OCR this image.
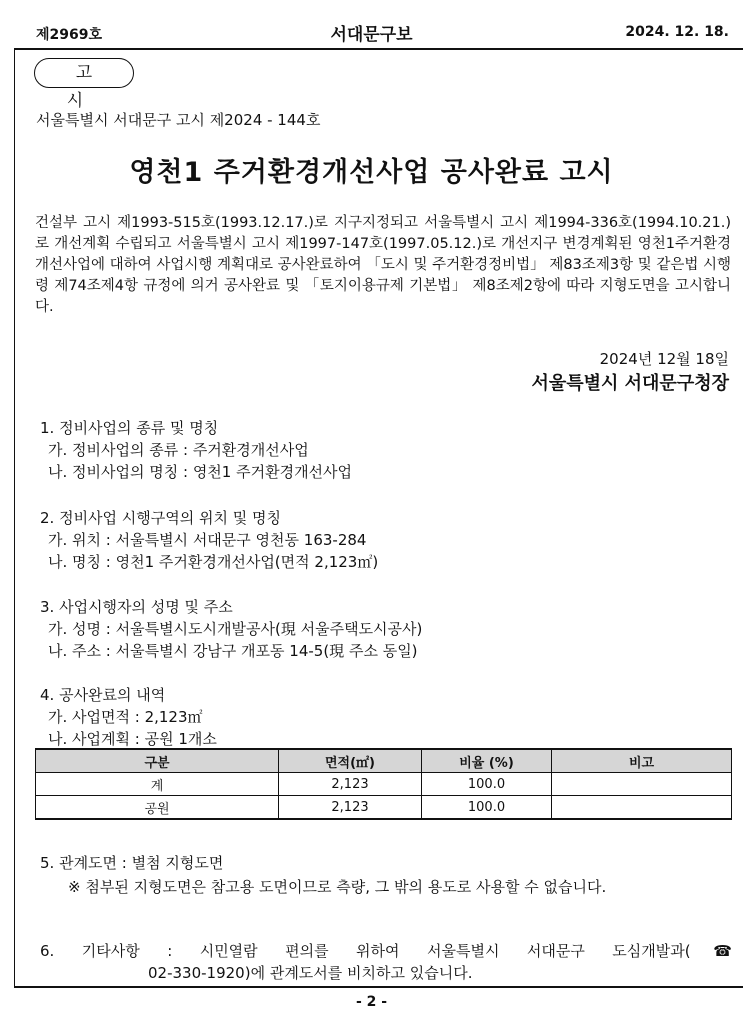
제2969호	서대문구보	2024. 12. 18.
고 시
서울특별시 서대문구 고시 제2024 - 144호
영천1 주거환경개선사업 공사완료 고시
건설부 고시 제1993-515호(1993.12.17.)로 지구지정되고 서울특별시 고시 제1994-336호(1994.10.21.)로 개선계획 수립되고 서울특별시 고시 제1997-147호(1997.05.12.)로 개선지구 변경계획된 영천1주거환경개선사업에 대하여 사업시행 계획대로 공사완료하여 「도시 및 주거환경정비법」 제83조제3항 및 같은법 시행령 제74조제4항 규정에 의거 공사완료 및 「토지이용규제 기본법」 제8조제2항에 따라 지형도면을 고시합니다.
2024년 12월 18일
서울특별시 서대문구청장
1. 정비사업의 종류 및 명칭
가. 정비사업의 종류 : 주거환경개선사업
나. 정비사업의 명칭 : 영천1 주거환경개선사업
2. 정비사업 시행구역의 위치 및 명칭
가. 위치 : 서울특별시 서대문구 영천동 163-284
나. 명칭 : 영천1 주거환경개선사업(면적 2,123㎡)
3. 사업시행자의 성명 및 주소
가. 성명 : 서울특별시도시개발공사(現 서울주택도시공사)
나. 주소 : 서울특별시 강남구 개포동 14-5(現 주소 동일)
4. 공사완료의 내역
가. 사업면적 : 2,123㎡
나. 사업계획 : 공원 1개소
구분	면적(㎡)	비율 (%)	비고
계	2,123	100.0	
공원	2,123	100.0	
5. 관계도면 : 별첨 지형도면
※ 첨부된 지형도면은 참고용 도면이므로 측량, 그 밖의 용도로 사용할 수 없습니다.
6. 기타사항 : 시민열람 편의를 위하여 서울특별시 서대문구 도심개발과(☎
02-330-1920)에 관계도서를 비치하고 있습니다.
- 2 -
